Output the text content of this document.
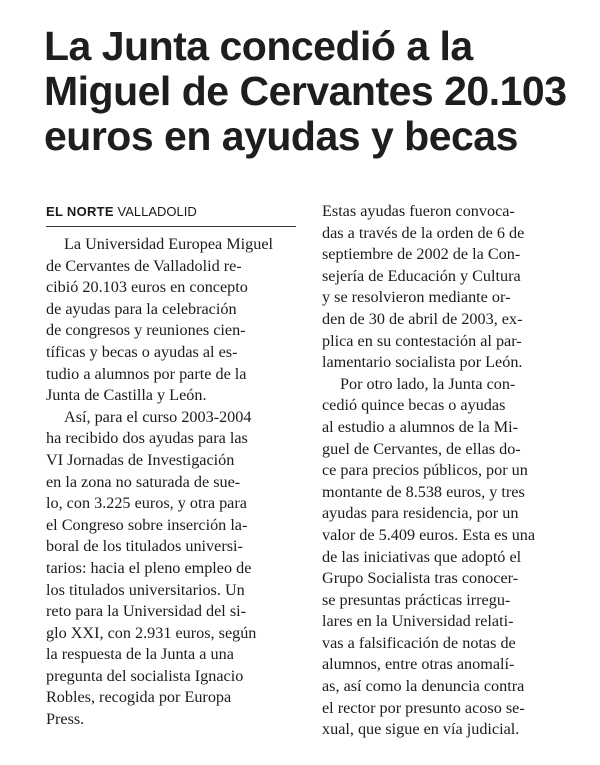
La Junta concedió a la
Miguel de Cervantes 20.103
euros en ayudas y becas
EL NORTE VALLADOLID
La Universidad Europea Miguel
de Cervantes de Valladolid re-
cibió 20.103 euros en concepto
de ayudas para la celebración
de congresos y reuniones cien-
tíficas y becas o ayudas al es-
tudio a alumnos por parte de la
Junta de Castilla y León.
Así, para el curso 2003-2004
ha recibido dos ayudas para las
VI Jornadas de Investigación
en la zona no saturada de sue-
lo, con 3.225 euros, y otra para
el Congreso sobre inserción la-
boral de los titulados universi-
tarios: hacia el pleno empleo de
los titulados universitarios. Un
reto para la Universidad del si-
glo XXI, con 2.931 euros, según
la respuesta de la Junta a una
pregunta del socialista Ignacio
Robles, recogida por Europa
Press.
Estas ayudas fueron convoca-
das a través de la orden de 6 de
septiembre de 2002 de la Con-
sejería de Educación y Cultura
y se resolvieron mediante or-
den de 30 de abril de 2003, ex-
plica en su contestación al par-
lamentario socialista por León.
Por otro lado, la Junta con-
cedió quince becas o ayudas
al estudio a alumnos de la Mi-
guel de Cervantes, de ellas do-
ce para precios públicos, por un
montante de 8.538 euros, y tres
ayudas para residencia, por un
valor de 5.409 euros. Esta es una
de las iniciativas que adoptó el
Grupo Socialista tras conocer-
se presuntas prácticas irregu-
lares en la Universidad relati-
vas a falsificación de notas de
alumnos, entre otras anomalí-
as, así como la denuncia contra
el rector por presunto acoso se-
xual, que sigue en vía judicial.
